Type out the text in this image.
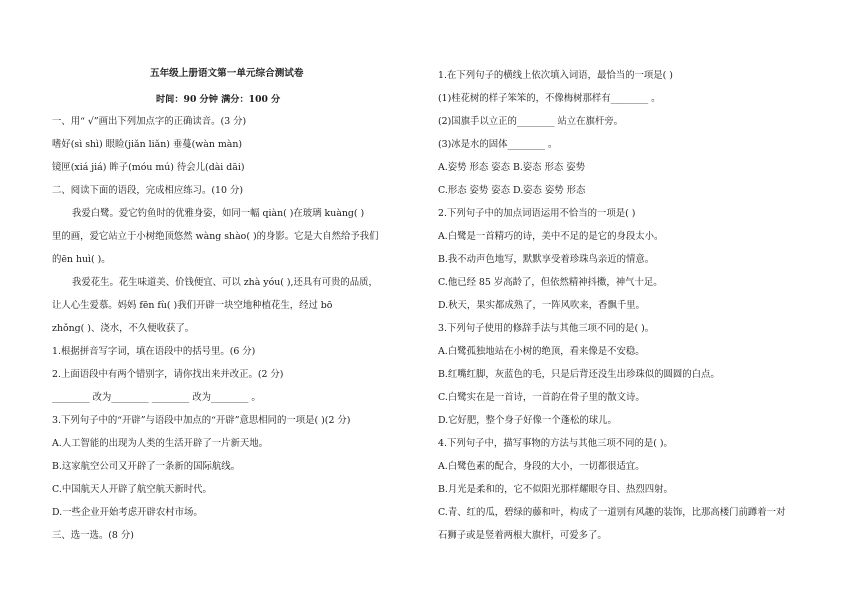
五年级上册语文第一单元综合测试卷
时间：90 分钟 满分：100 分
一、用“ √”画出下列加点字的正确读音。(3 分)
嗜好(sì shì) 眼睑(jiǎn liǎn) 垂蔓(wàn màn)
镜匣(xiá jiá) 眸子(móu mú) 待会儿(dài dāi)
二、阅读下面的语段，完成相应练习。(10 分)
我爱白鹭。爱它钓鱼时的优雅身姿，如同一幅 qiàn( )在玻璃 kuàng( )
里的画，爱它站立于小树绝顶悠然 wàng shào( )的身影。它是大自然给予我们
的ēn huì( )。
我爱花生。花生味道美、价钱便宜、可以 zhà yóu( ),还具有可贵的品质，
让人心生爱慕。妈妈 fēn fù( )我们开辟一块空地种植花生，经过 bō
zhǒng( )、浇水，不久便收获了。
1.根据拼音写字词，填在语段中的括号里。(6 分)
2.上面语段中有两个错别字，请你找出来并改正。(2 分)
________ 改为________ ________ 改为________ 。
3.下列句子中的“开辟”与语段中加点的“开辟”意思相同的一项是( )(2 分)
A.人工智能的出现为人类的生活开辟了一片新天地。
B.这家航空公司又开辟了一条新的国际航线。
C.中国航天人开辟了航空航天新时代。
D.一些企业开始考虑开辟农村市场。
三、选一选。(8 分)
1.在下列句子的横线上依次填入词语，最恰当的一项是( )
(1)桂花树的样子笨笨的，不像梅树那样有________ 。
(2)国旗手以立正的________ 站立在旗杆旁。
(3)冰是水的固体________ 。
A.姿势 形态 姿态 B.姿态 形态 姿势
C.形态 姿势 姿态 D.姿态 姿势 形态
2.下列句子中的加点词语运用不恰当的一项是( )
A.白鹭是一首精巧的诗，美中不足的是它的身段太小。
B.我不动声色地写，默默享受着珍珠鸟亲近的情意。
C.他已经 85 岁高龄了，但依然精神抖擞，神气十足。
D.秋天，果实都成熟了，一阵风吹来，香飘千里。
3.下列句子使用的修辞手法与其他三项不同的是( )。
A.白鹭孤独地站在小树的绝顶，看来像是不安稳。
B.红嘴红脚，灰蓝色的毛，只是后背还没生出珍珠似的圆圆的白点。
C.白鹭实在是一首诗，一首韵在骨子里的散文诗。
D.它好肥，整个身子好像一个蓬松的球儿。
4.下列句子中，描写事物的方法与其他三项不同的是( )。
A.白鹭色素的配合，身段的大小，一切都很适宜。
B.月光是柔和的，它不似阳光那样耀眼夺目、热烈四射。
C.青、红的瓜，碧绿的藤和叶，构成了一道别有风趣的装饰，比那高楼门前蹲着一对
石狮子或是竖着两根大旗杆，可爱多了。
